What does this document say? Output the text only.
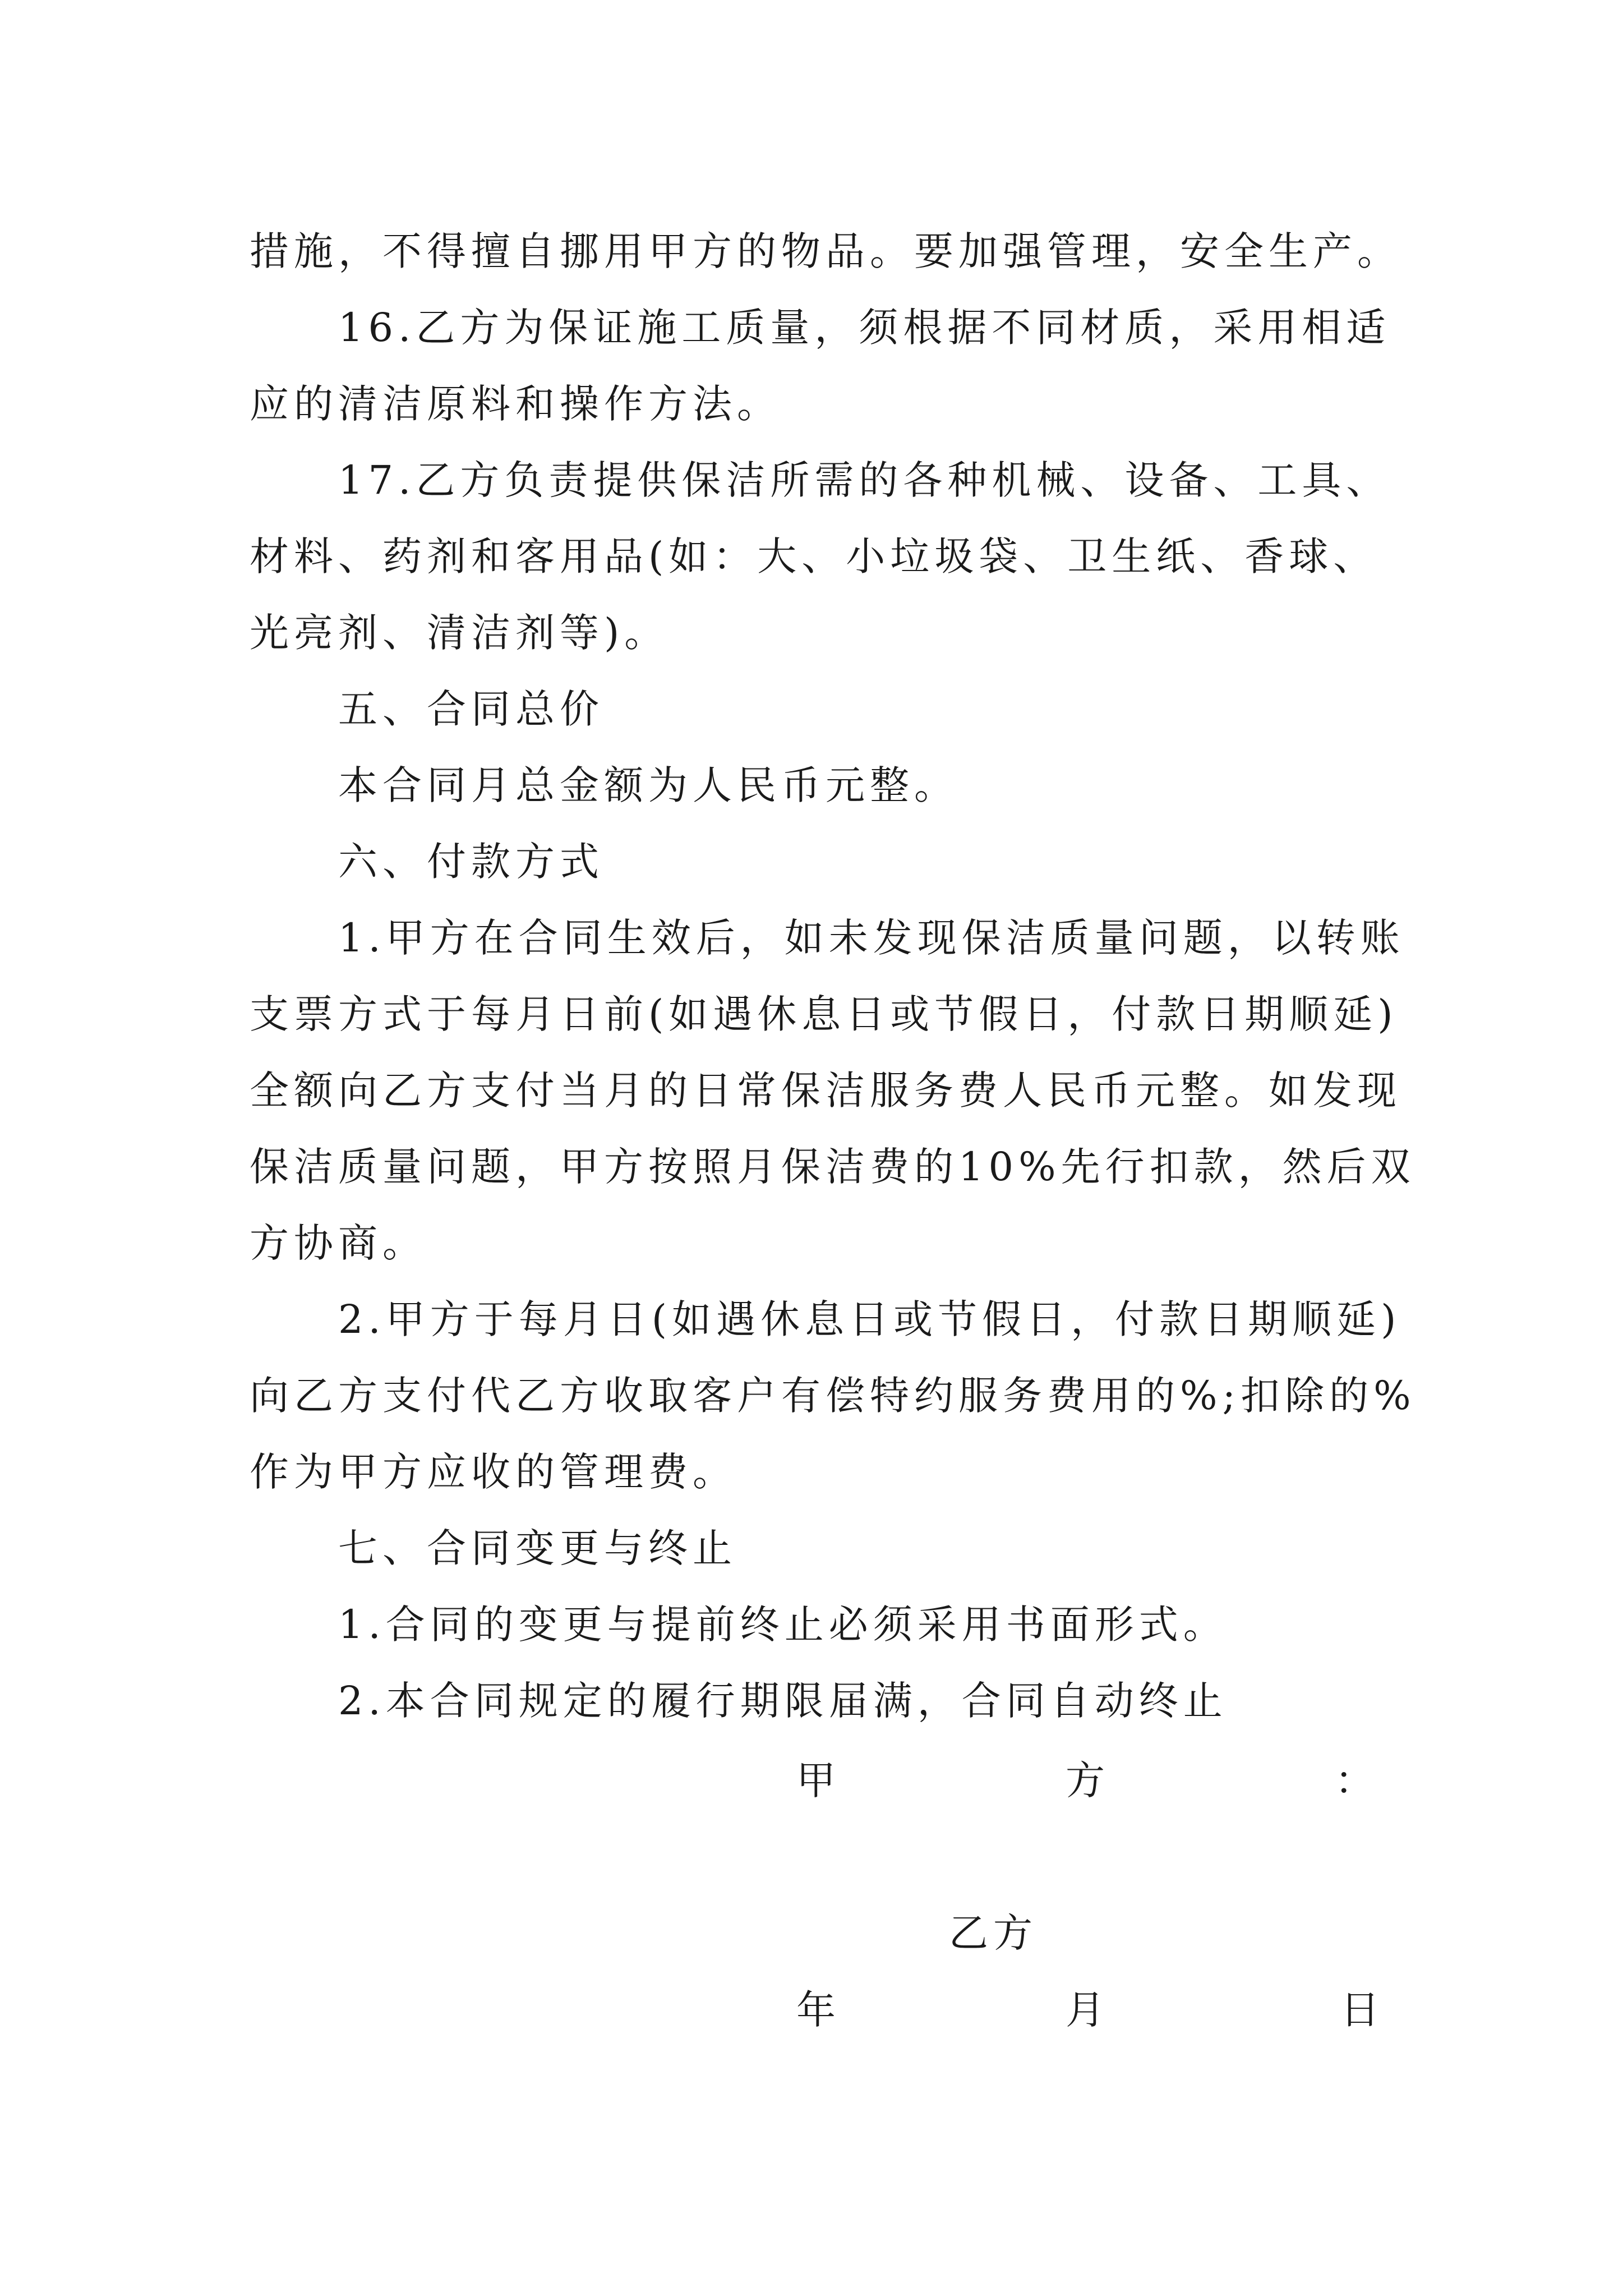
措施，不得擅自挪用甲方的物品。要加强管理，安全生产。
　　16.乙方为保证施工质量，须根据不同材质，采用相适
应的清洁原料和操作方法。
　　17.乙方负责提供保洁所需的各种机械、设备、工具、
材料、药剂和客用品(如：大、小垃圾袋、卫生纸、香球、
光亮剂、清洁剂等)。
　　五、合同总价
　　本合同月总金额为人民币元整。
　　六、付款方式
　　1.甲方在合同生效后，如未发现保洁质量问题，以转账
支票方式于每月日前(如遇休息日或节假日，付款日期顺延)
全额向乙方支付当月的日常保洁服务费人民币元整。如发现
保洁质量问题，甲方按照月保洁费的10%先行扣款，然后双
方协商。
　　2.甲方于每月日(如遇休息日或节假日，付款日期顺延)
向乙方支付代乙方收取客户有偿特约服务费用的%;扣除的%
作为甲方应收的管理费。
　　七、合同变更与终止
　　1.合同的变更与提前终止必须采用书面形式。
　　2.本合同规定的履行期限届满，合同自动终止
甲	方	：
乙方
年	月	日
